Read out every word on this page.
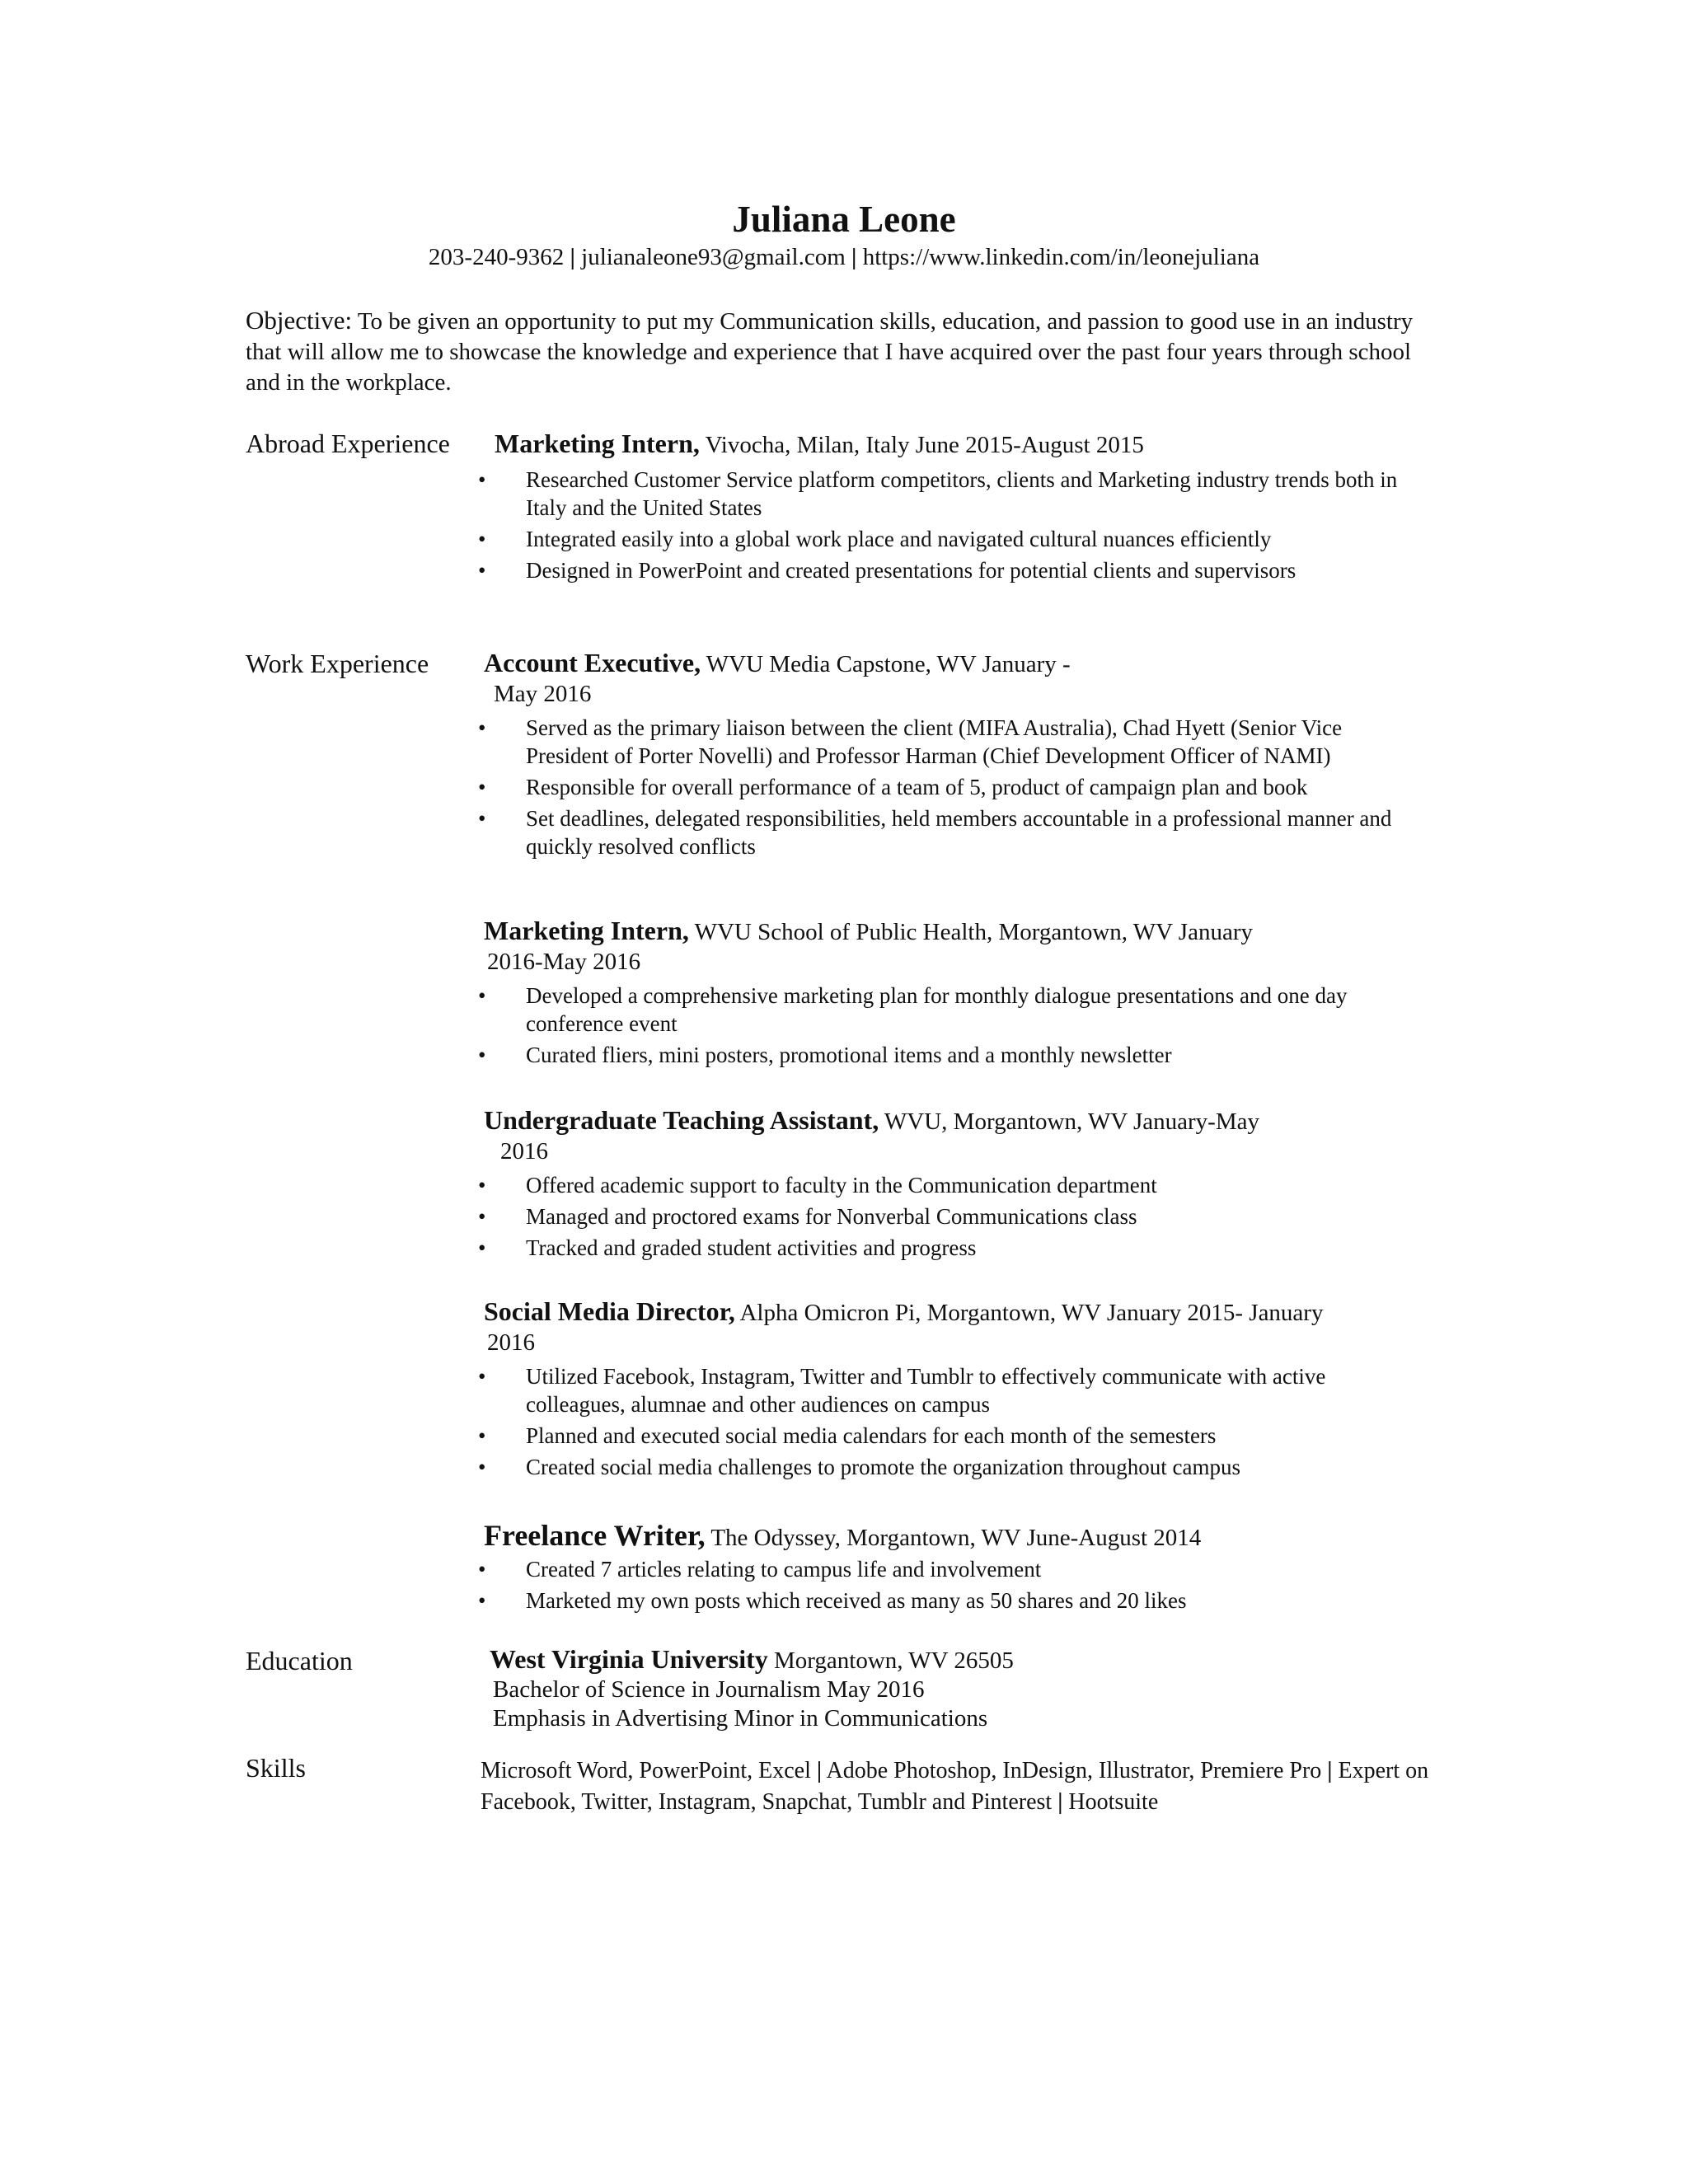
Juliana Leone
203-240-9362 | julianaleone93@gmail.com | https://www.linkedin.com/in/leonejuliana
Objective: To be given an opportunity to put my Communication skills, education, and passion to good use in an industry that will allow me to showcase the knowledge and experience that I have acquired over the past four years through school and in the workplace.
Abroad Experience Marketing Intern, Vivocha, Milan, Italy June 2015-August 2015
• Researched Customer Service platform competitors, clients and Marketing industry trends both in Italy and the United States
• Integrated easily into a global work place and navigated cultural nuances efficiently
• Designed in PowerPoint and created presentations for potential clients and supervisors
Work Experience Account Executive, WVU Media Capstone, WV January -
May 2016
• Served as the primary liaison between the client (MIFA Australia), Chad Hyett (Senior Vice President of Porter Novelli) and Professor Harman (Chief Development Officer of NAMI)
• Responsible for overall performance of a team of 5, product of campaign plan and book
• Set deadlines, delegated responsibilities, held members accountable in a professional manner and quickly resolved conflicts
Marketing Intern, WVU School of Public Health, Morgantown, WV January
2016-May 2016
• Developed a comprehensive marketing plan for monthly dialogue presentations and one day conference event
• Curated fliers, mini posters, promotional items and a monthly newsletter
Undergraduate Teaching Assistant, WVU, Morgantown, WV January-May
2016
• Offered academic support to faculty in the Communication department
• Managed and proctored exams for Nonverbal Communications class
• Tracked and graded student activities and progress
Social Media Director, Alpha Omicron Pi, Morgantown, WV January 2015- January
2016
• Utilized Facebook, Instagram, Twitter and Tumblr to effectively communicate with active colleagues, alumnae and other audiences on campus
• Planned and executed social media calendars for each month of the semesters
• Created social media challenges to promote the organization throughout campus
Freelance Writer, The Odyssey, Morgantown, WV June-August 2014
• Created 7 articles relating to campus life and involvement
• Marketed my own posts which received as many as 50 shares and 20 likes
Education	West Virginia University Morgantown, WV 26505
Bachelor of Science in Journalism May 2016
Emphasis in Advertising Minor in Communications
Skills	Microsoft Word, PowerPoint, Excel | Adobe Photoshop, InDesign, Illustrator, Premiere Pro | Expert on Facebook, Twitter, Instagram, Snapchat, Tumblr and Pinterest | Hootsuite
